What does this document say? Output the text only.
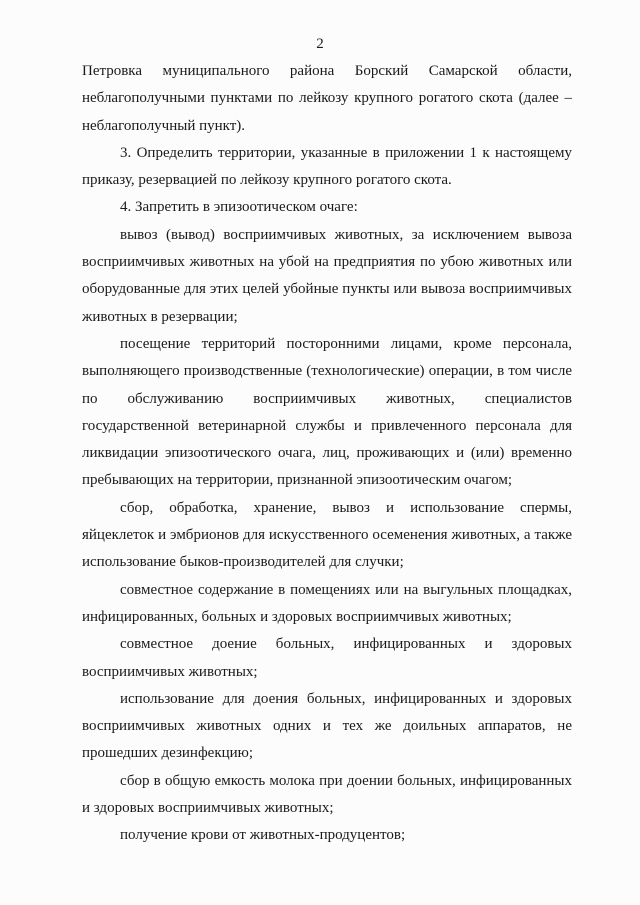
2

Петровка муниципального района Борский Самарской области, неблагополучными пунктами по лейкозу крупного рогатого скота (далее – неблагополучный пункт).

3. Определить территории, указанные в приложении 1 к настоящему приказу, резервацией по лейкозу крупного рогатого скота.

4. Запретить в эпизоотическом очаге:

вывоз (вывод) восприимчивых животных, за исключением вывоза восприимчивых животных на убой на предприятия по убою животных или оборудованные для этих целей убойные пункты или вывоза восприимчивых животных в резервации;

посещение территорий посторонними лицами, кроме персонала, выполняющего производственные (технологические) операции, в том числе по обслуживанию восприимчивых животных, специалистов государственной ветеринарной службы и привлеченного персонала для ликвидации эпизоотического очага, лиц, проживающих и (или) временно пребывающих на территории, признанной эпизоотическим очагом;

сбор, обработка, хранение, вывоз и использование спермы, яйцеклеток и эмбрионов для искусственного осеменения животных, а также использование быков-производителей для случки;

совместное содержание в помещениях или на выгульных площадках, инфицированных, больных и здоровых восприимчивых животных;

совместное доение больных, инфицированных и здоровых восприимчивых животных;

использование для доения больных, инфицированных и здоровых восприимчивых животных одних и тех же доильных аппаратов, не прошедших дезинфекцию;

сбор в общую емкость молока при доении больных, инфицированных и здоровых восприимчивых животных;

получение крови от животных-продуцентов;
